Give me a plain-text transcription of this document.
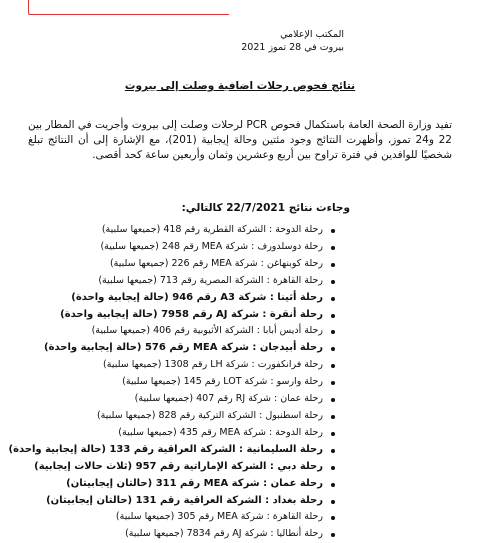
المكتب الإعلامي
بيروت في 28 تموز 2021
نتائج فحوص رحلات اضافية وصلت إلى بيروت
تفيد وزارة الصحة العامة باستكمال فحوص PCR لرحلات وصلت إلى بيروت وأجريت في المطار بين 22 و24 تموز، وأظهرت النتائج وجود مئتين وحالة إيجابية (201)، مع الإشارة إلى أن النتائج تبلغ شخصيًا للوافدين في فترة تراوح بين أربع وعشرين وثمان وأربعين ساعة كحد أقصى.
وجاءت نتائج 22/7/2021 كالتالي:
رحلة الدوحة : الشركة القطرية رقم 418 (جميعها سلبية)
رحلة دوسلدورف : شركة MEA رقم 248 (جميعها سلبية)
رحلة كوبنهاغن : شركة MEA رقم 226 (جميعها سلبية)
رحلة القاهرة : الشركة المصرية رقم 713 (جميعها سلبية)
رحلة أثينا : شركة A3 رقم 946 (حالة إيجابية واحدة)
رحلة أنقرة : شركة AJ رقم 7958 (حالة إيجابية واحدة)
رحلة أديس أبابا : الشركة الأثيوبية رقم 406 (جميعها سلبية)
رحلة أبيدجان : شركة MEA رقم 576 (حالة إيجابية واحدة)
رحلة فرانكفورت : شركة LH رقم 1308 (جميعها سلبية)
رحلة وارسو : شركة LOT رقم 145 (جميعها سلبية)
رحلة عمان : شركة RJ رقم 407 (جميعها سلبية)
رحلة اسطنبول : الشركة التركية رقم 828 (جميعها سلبية)
رحلة الدوحة : شركة MEA رقم 435 (جميعها سلبية)
رحلة السليمانية : الشركة العراقية رقم 133 (حالة إيجابية واحدة)
رحلة دبي : الشركة الإماراتية رقم 957 (ثلاث حالات إيجابية)
رحلة عمان : شركة MEA رقم 311 (حالتان إيجابيتان)
رحلة بغداد : الشركة العراقية رقم 131 (حالتان إيجابيتان)
رحلة القاهرة : شركة MEA رقم 305 (جميعها سلبية)
رحلة أنطاليا : شركة AJ رقم 7834 (جميعها سلبية)
